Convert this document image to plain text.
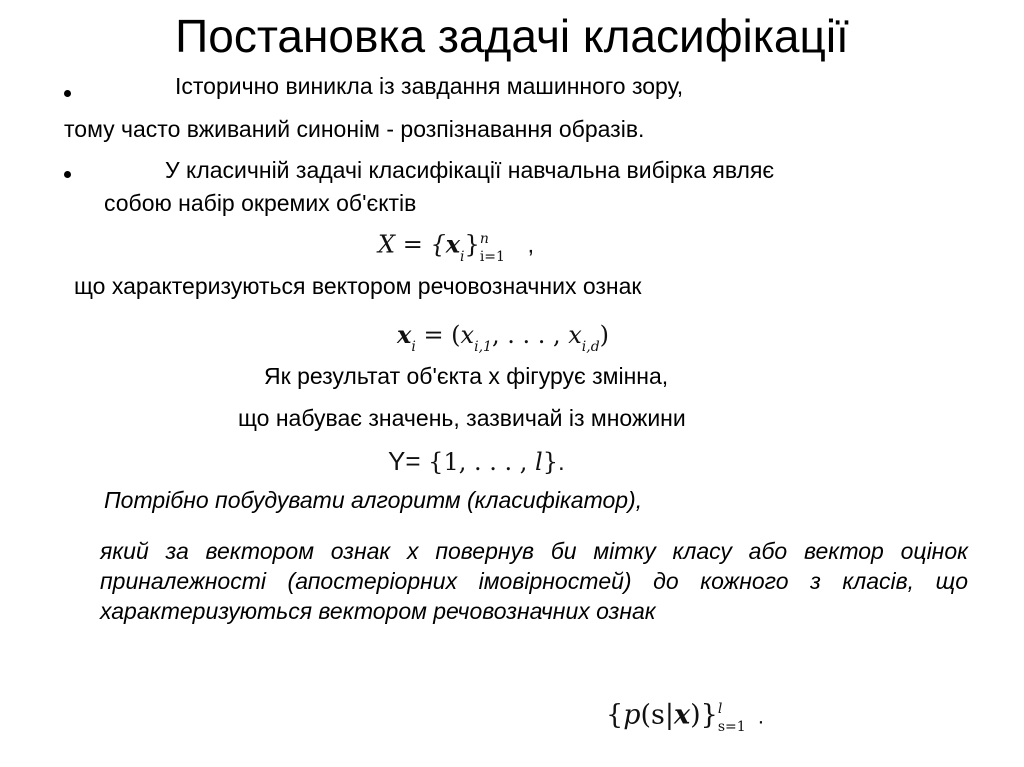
Постановка задачі класифікації
Історично виникла із завдання машинного зору,
тому часто вживаний синонім - розпізнавання образів.
У класичній задачі класифікації навчальна вибірка являє
собою набір окремих об'єктів
$X = \{x_i\}$ n
i=1 ,
що характеризуються вектором речовозначних ознак
$x_i = (x_{i,1}$, . . . , $x_{i,d}$)
Як результат об'єкта x фігурує змінна,
що набуває значень, зазвичай із множини
Y= {1, . . . , l}.
Потрібно побудувати алгоритм (класифікатор),
який за вектором ознак x повернув би мітку класу або вектор оцінок приналежності (апостеріорних імовірностей) до кожного з класів, що характеризуються вектором речовозначних ознак
{p(s|x)} l
s=1 .
